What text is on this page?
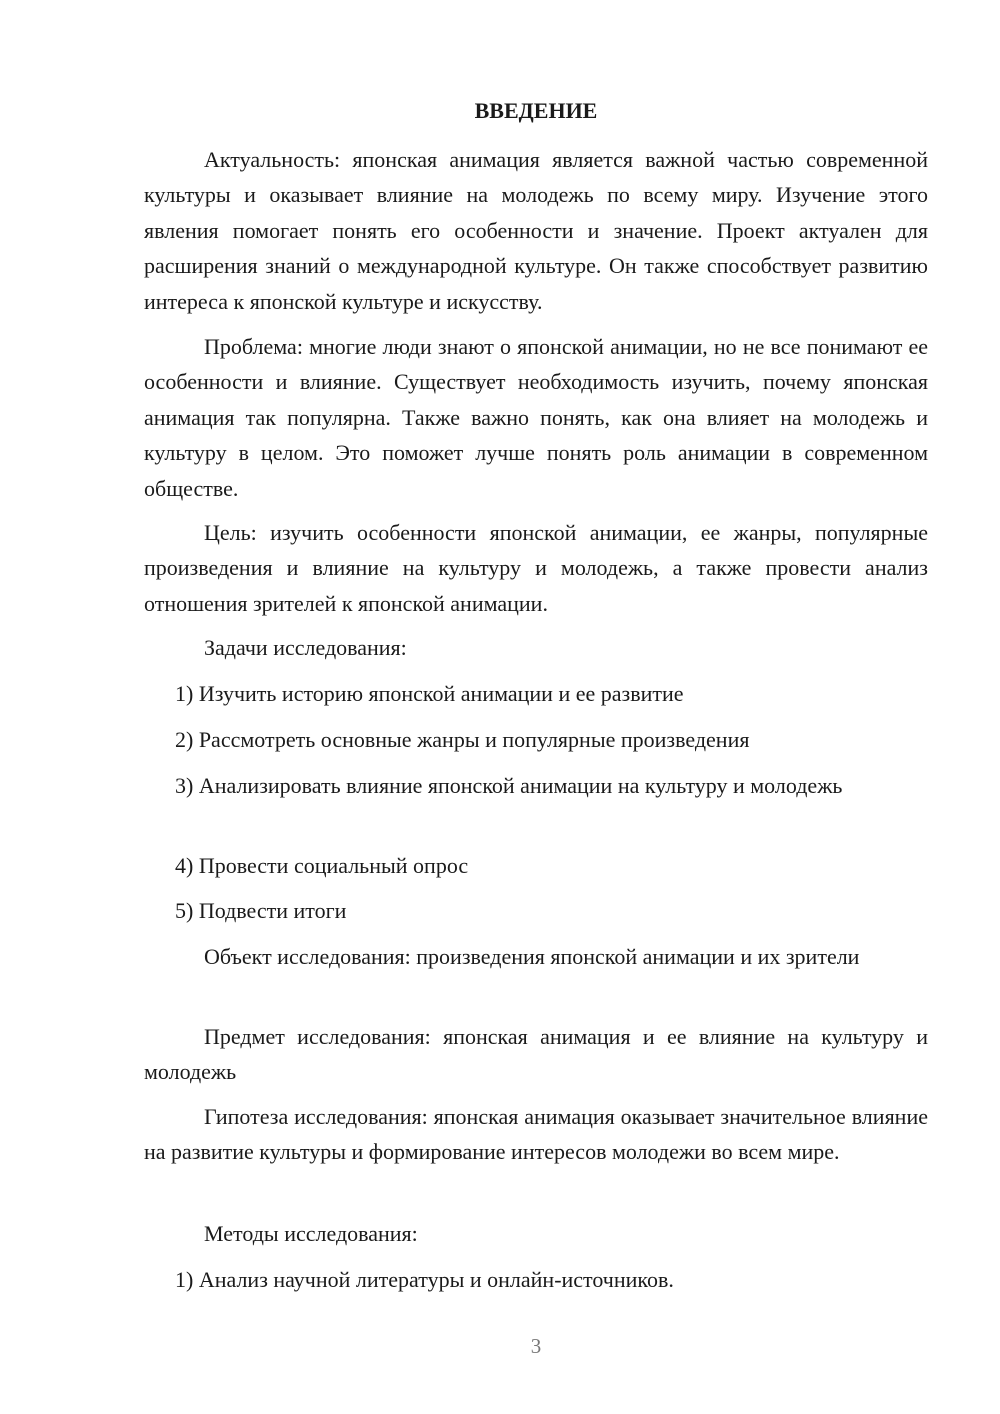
ВВЕДЕНИЕ
Актуальность: японская анимация является важной частью современной культуры и оказывает влияние на молодежь по всему миру. Изучение этого явления помогает понять его особенности и значение. Проект актуален для расширения знаний о международной культуре. Он также способствует развитию интереса к японской культуре и искусству.
Проблема: многие люди знают о японской анимации, но не все понимают ее особенности и влияние. Существует необходимость изучить, почему японская анимация так популярна. Также важно понять, как она влияет на молодежь и культуру в целом. Это поможет лучше понять роль анимации в современном обществе.
Цель: изучить особенности японской анимации, ее жанры, популярные произведения и влияние на культуру и молодежь, а также провести анализ отношения зрителей к японской анимации.
Задачи исследования:
1) Изучить историю японской анимации и ее развитие
2) Рассмотреть основные жанры и популярные произведения
3) Анализировать влияние японской анимации на культуру и молодежь
4) Провести социальный опрос
5) Подвести итоги
Объект исследования: произведения японской анимации и их зрители
Предмет исследования: японская анимация и ее влияние на культуру и молодежь
Гипотеза исследования: японская анимация оказывает значительное влияние на развитие культуры и формирование интересов молодежи во всем мире.
Методы исследования:
1) Анализ научной литературы и онлайн-источников.
3
